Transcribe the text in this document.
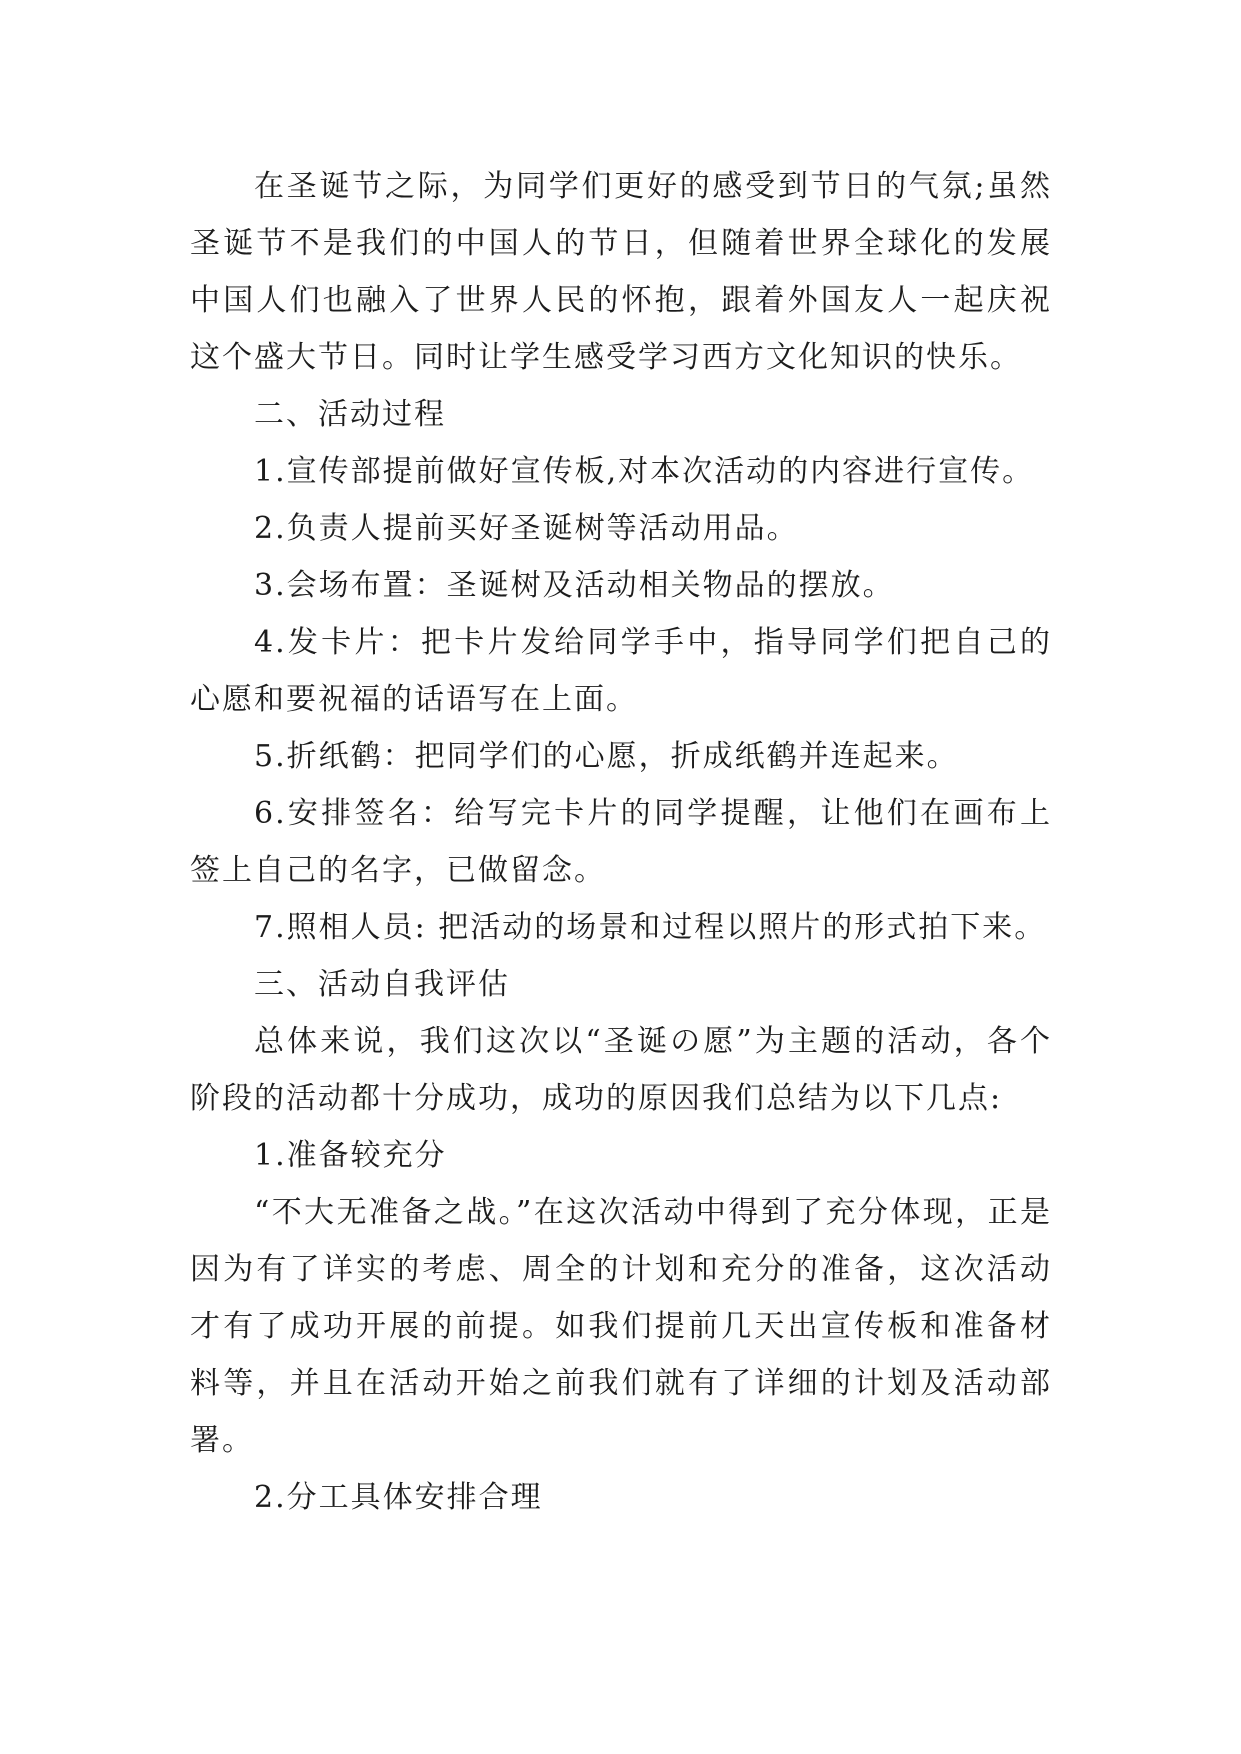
在圣诞节之际，为同学们更好的感受到节日的气氛;虽然圣诞节不是我们的中国人的节日，但随着世界全球化的发展中国人们也融入了世界人民的怀抱，跟着外国友人一起庆祝这个盛大节日。同时让学生感受学习西方文化知识的快乐。

二、活动过程

1.宣传部提前做好宣传板,对本次活动的内容进行宣传。

2.负责人提前买好圣诞树等活动用品。

3.会场布置：圣诞树及活动相关物品的摆放。

4.发卡片：把卡片发给同学手中，指导同学们把自己的心愿和要祝福的话语写在上面。

5.折纸鹤：把同学们的心愿，折成纸鹤并连起来。

6.安排签名：给写完卡片的同学提醒，让他们在画布上签上自己的名字，已做留念。

7.照相人员: 把活动的场景和过程以照片的形式拍下来。

三、活动自我评估

总体来说，我们这次以“圣诞の愿”为主题的活动，各个阶段的活动都十分成功，成功的原因我们总结为以下几点:

1.准备较充分

“不大无准备之战。”在这次活动中得到了充分体现，正是因为有了详实的考虑、周全的计划和充分的准备，这次活动才有了成功开展的前提。如我们提前几天出宣传板和准备材料等，并且在活动开始之前我们就有了详细的计划及活动部署。

2.分工具体安排合理
